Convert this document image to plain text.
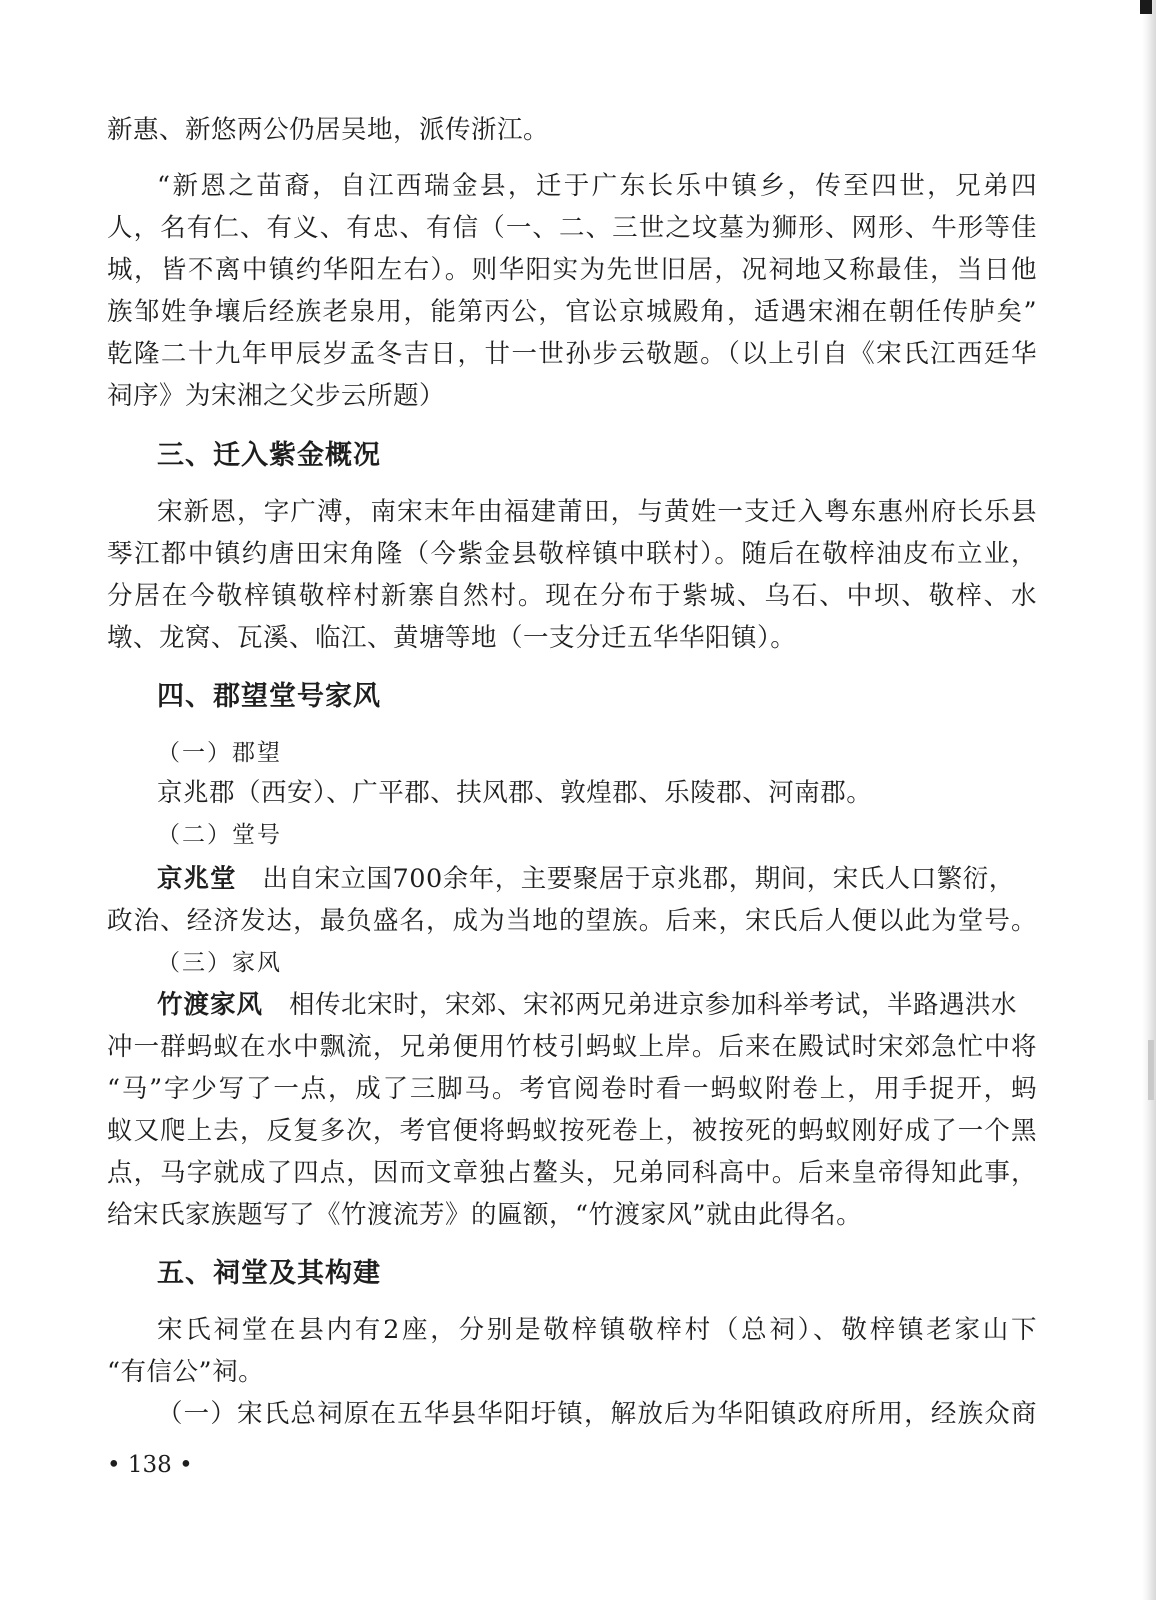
新惠、新悠两公仍居吴地，派传浙江。
“新恩之苗裔，自江西瑞金县，迁于广东长乐中镇乡，传至四世，兄弟四
人，名有仁、有义、有忠、有信（一、二、三世之坟墓为狮形、网形、牛形等佳
城，皆不离中镇约华阳左右）。则华阳实为先世旧居，况祠地又称最佳，当日他
族邹姓争壤后经族老泉用，能第丙公，官讼京城殿角，适遇宋湘在朝任传胪矣”
乾隆二十九年甲辰岁孟冬吉日，廿一世孙步云敬题。（以上引自《宋氏江西廷华
祠序》为宋湘之父步云所题）
三、迁入紫金概况
宋新恩，字广溥，南宋末年由福建莆田，与黄姓一支迁入粤东惠州府长乐县
琴江都中镇约唐田宋角隆（今紫金县敬梓镇中联村）。随后在敬梓油皮布立业，
分居在今敬梓镇敬梓村新寨自然村。现在分布于紫城、乌石、中坝、敬梓、水
墩、龙窝、瓦溪、临江、黄塘等地（一支分迁五华华阳镇）。
四、郡望堂号家风
（一）郡望
京兆郡（西安）、广平郡、扶风郡、敦煌郡、乐陵郡、河南郡。
（二）堂号
京兆堂 出自宋立国700余年，主要聚居于京兆郡，期间，宋氏人口繁衍，
政治、经济发达，最负盛名，成为当地的望族。后来，宋氏后人便以此为堂号。
（三）家风
竹渡家风 相传北宋时，宋郊、宋祁两兄弟进京参加科举考试，半路遇洪水
冲一群蚂蚁在水中飘流，兄弟便用竹枝引蚂蚁上岸。后来在殿试时宋郊急忙中将
“马”字少写了一点，成了三脚马。考官阅卷时看一蚂蚁附卷上，用手捉开，蚂
蚁又爬上去，反复多次，考官便将蚂蚁按死卷上，被按死的蚂蚁刚好成了一个黑
点，马字就成了四点，因而文章独占鳌头，兄弟同科高中。后来皇帝得知此事，
给宋氏家族题写了《竹渡流芳》的匾额，“竹渡家风”就由此得名。
五、祠堂及其构建
宋氏祠堂在县内有2座，分别是敬梓镇敬梓村（总祠）、敬梓镇老家山下
“有信公”祠。
（一）宋氏总祠原在五华县华阳圩镇，解放后为华阳镇政府所用，经族众商
• 138 •
